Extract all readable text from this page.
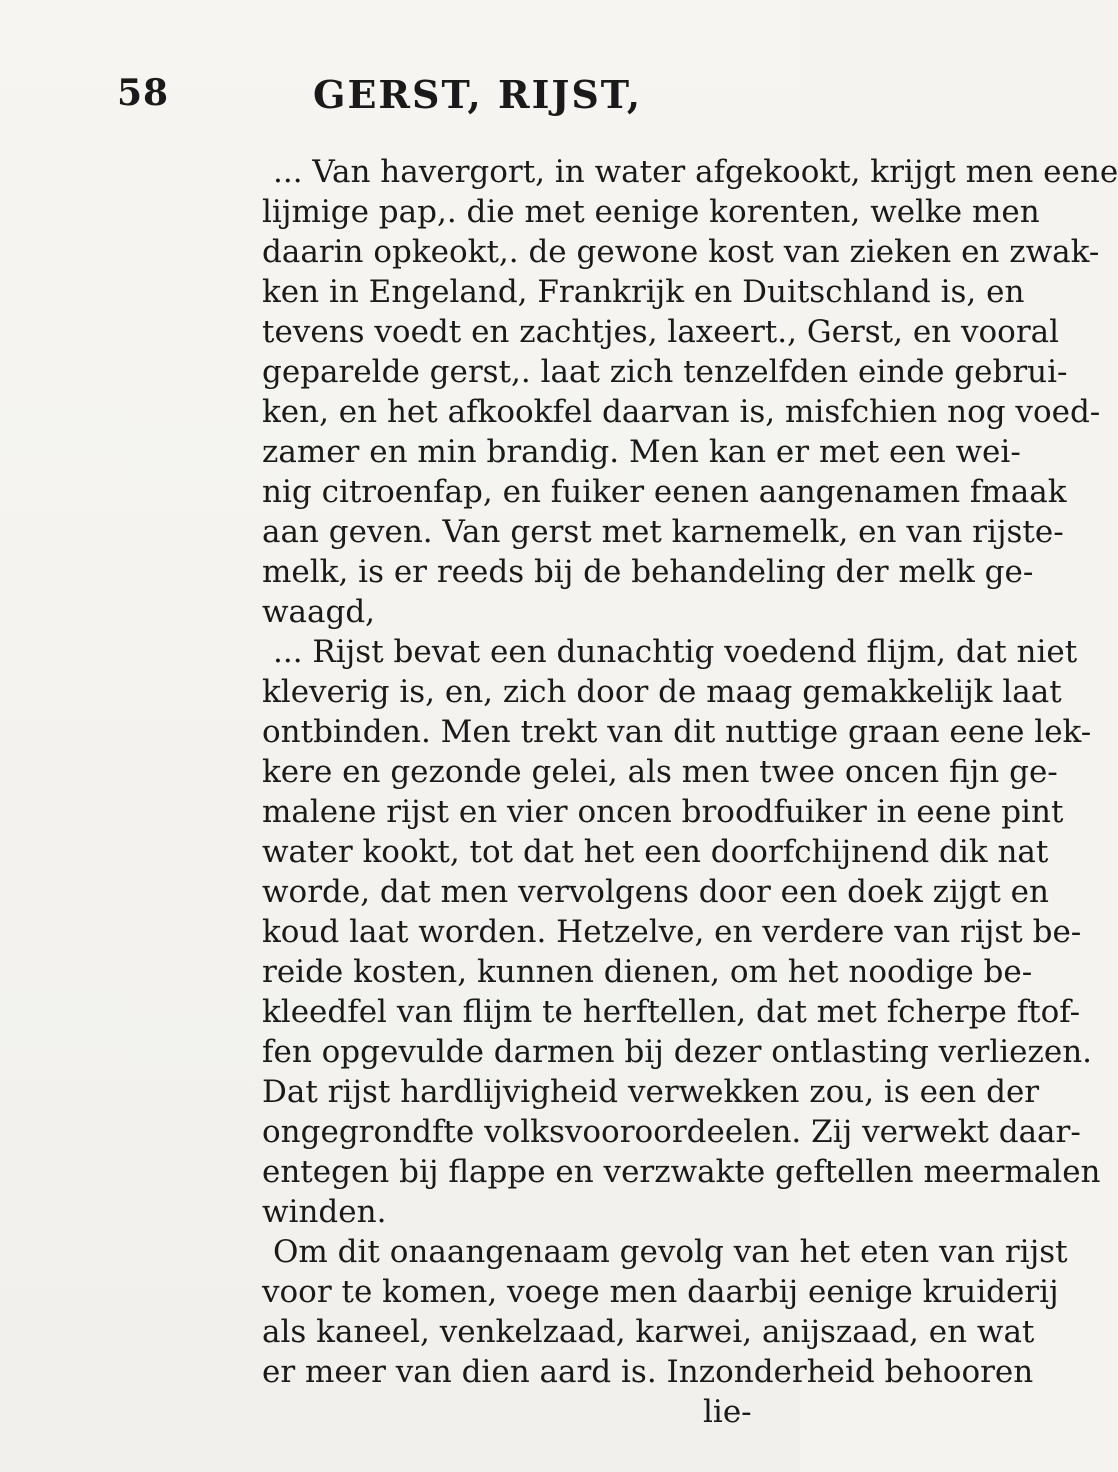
58	GERST, RIJST,
... Van havergort, in water afgekookt, krijgt men eene
lijmige pap,. die met eenige korenten, welke men
daarin opkeokt,. de gewone kost van zieken en zwak-
ken in Engeland, Frankrijk en Duitschland is, en
tevens voedt en zachtjes, laxeert., Gerst, en vooral
geparelde gerst,. laat zich tenzelfden einde gebrui-
ken, en het afkookfel daarvan is, misfchien nog voed-
zamer en min brandig. Men kan er met een wei-
nig citroenfap, en fuiker eenen aangenamen fmaak
aan geven. Van gerst met karnemelk, en van rijste-
melk, is er reeds bij de behandeling der melk ge-
waagd,
... Rijst bevat een dunachtig voedend flijm, dat niet
kleverig is, en, zich door de maag gemakkelijk laat
ontbinden. Men trekt van dit nuttige graan eene lek-
kere en gezonde gelei, als men twee oncen fijn ge-
malene rijst en vier oncen broodfuiker in eene pint
water kookt, tot dat het een doorfchijnend dik nat
worde, dat men vervolgens door een doek zijgt en
koud laat worden. Hetzelve, en verdere van rijst be-
reide kosten, kunnen dienen, om het noodige be-
kleedfel van flijm te herftellen, dat met fcherpe ftof-
fen opgevulde darmen bij dezer ontlasting verliezen.
Dat rijst hardlijvigheid verwekken zou, is een der
ongegrondfte volksvooroordeelen. Zij verwekt daar-
entegen bij flappe en verzwakte geftellen meermalen
winden.
Om dit onaangenaam gevolg van het eten van rijst
voor te komen, voege men daarbij eenige kruiderij
als kaneel, venkelzaad, karwei, anijszaad, en wat
er meer van dien aard is. Inzonderheid behooren
lie-
